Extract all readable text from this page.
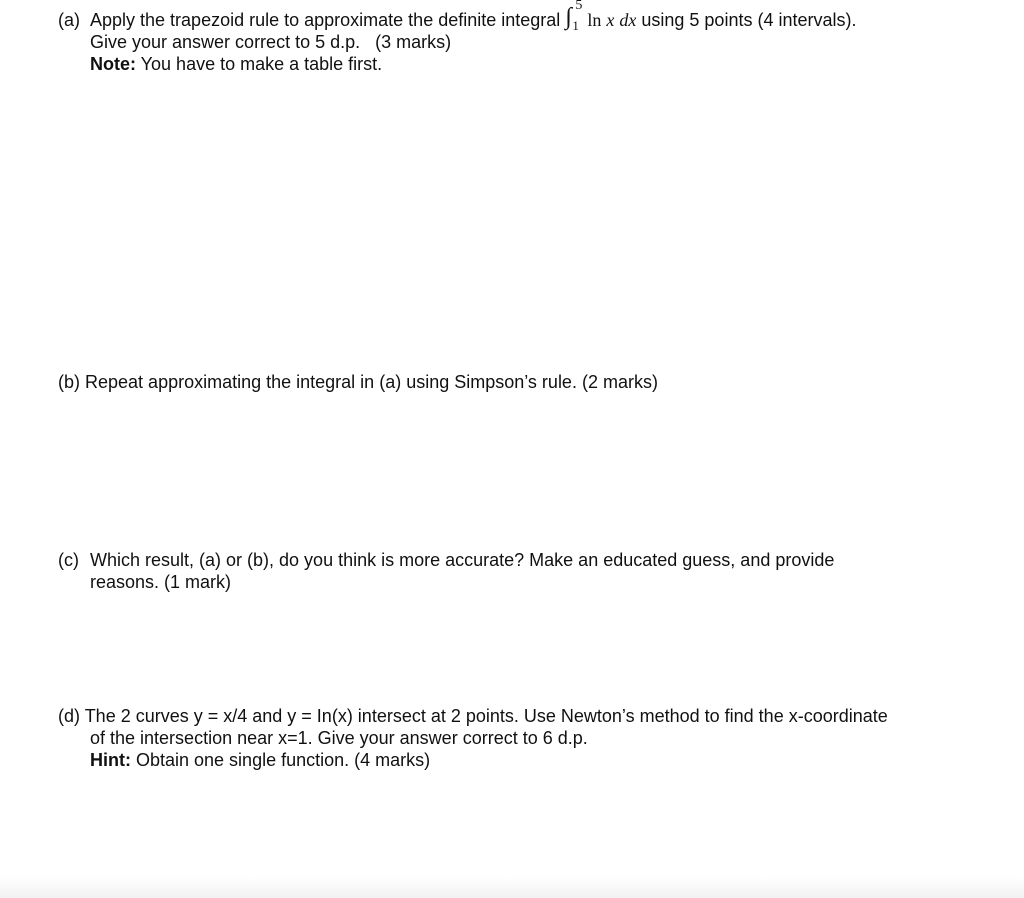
(a) Apply the trapezoid rule to approximate the definite integral ∫ 5
1 ln x dx using 5 points (4 intervals).
Give your answer correct to 5 d.p.   (3 marks)
Note: You have to make a table first.
(b) Repeat approximating the integral in (a) using Simpson’s rule. (2 marks)
(c) Which result, (a) or (b), do you think is more accurate? Make an educated guess, and provide
reasons. (1 mark)
(d) The 2 curves y = x/4 and y = In(x) intersect at 2 points. Use Newton’s method to find the x-coordinate
of the intersection near x=1. Give your answer correct to 6 d.p.
Hint: Obtain one single function. (4 marks)
